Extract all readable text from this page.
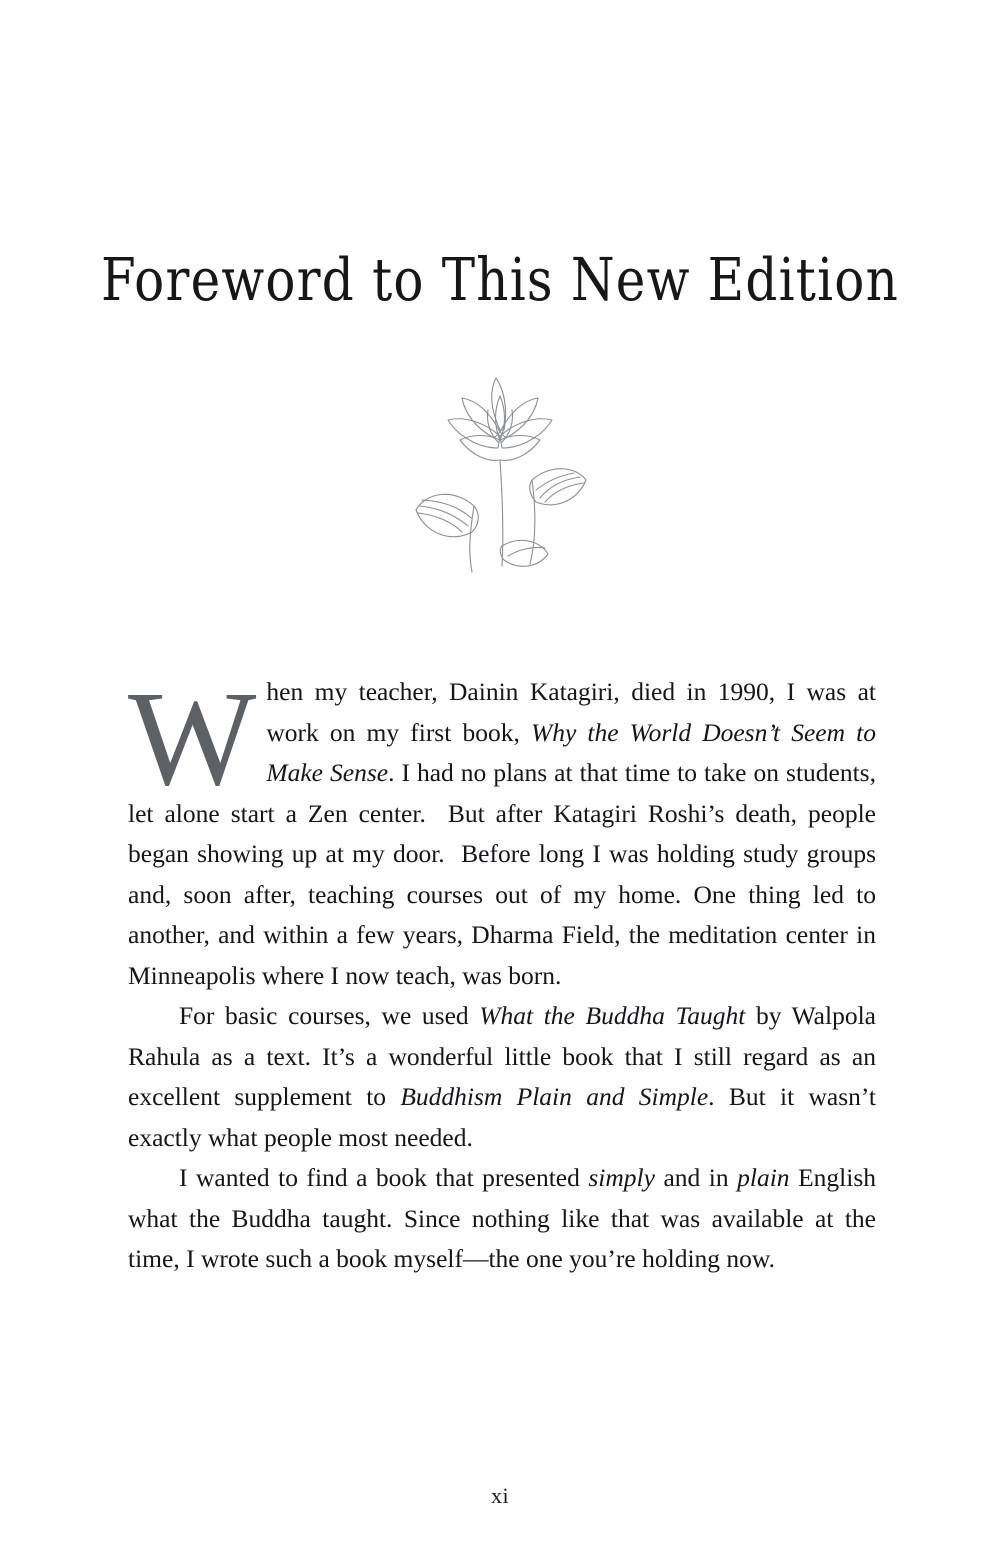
Foreword to This New Edition

When my teacher, Dainin Katagiri, died in 1990, I was at work on my first book, Why the World Doesn’t Seem to Make Sense. I had no plans at that time to take on students, let alone start a Zen center.  But after Katagiri Roshi’s death, people began showing up at my door.  Before long I was holding study groups and, soon after, teaching courses out of my home. One thing led to another, and within a few years, Dharma Field, the meditation center in Minneapolis where I now teach, was born.

For basic courses, we used What the Buddha Taught by Walpola Rahula as a text. It’s a wonderful little book that I still regard as an excellent supplement to Buddhism Plain and Simple. But it wasn’t exactly what people most needed.

I wanted to find a book that presented simply and in plain English what the Buddha taught. Since nothing like that was available at the time, I wrote such a book myself—the one you’re holding now.

xi
